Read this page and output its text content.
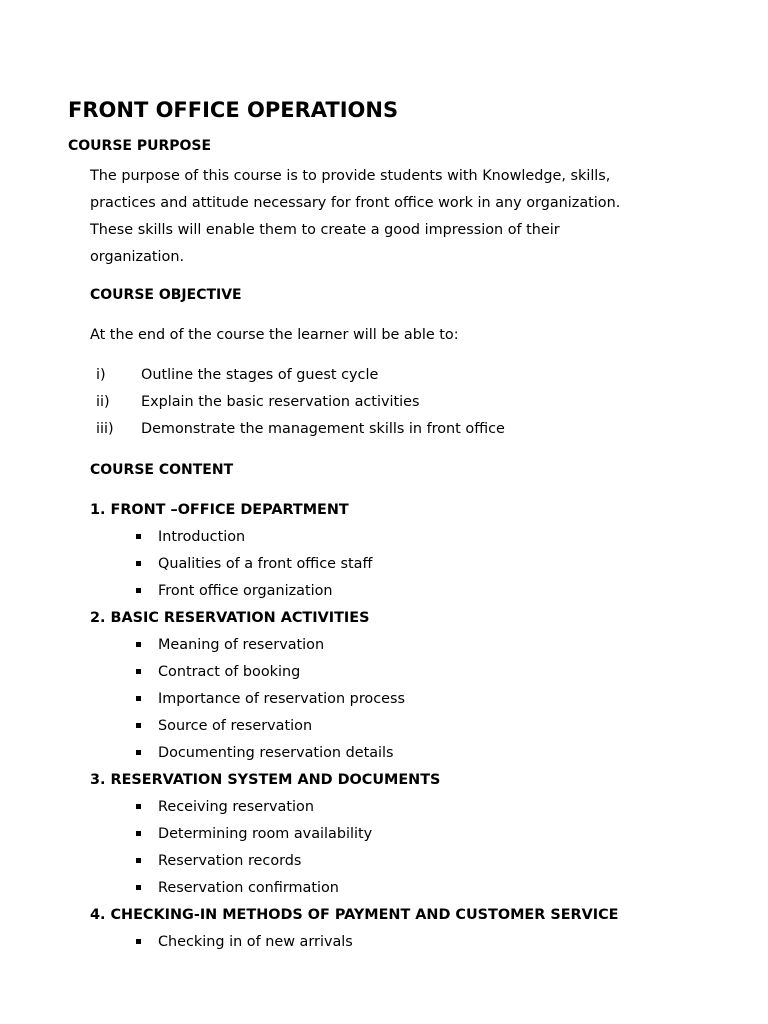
FRONT OFFICE OPERATIONS
COURSE PURPOSE
The purpose of this course is to provide students with Knowledge, skills,
practices and attitude necessary for front office work in any organization.
These skills will enable them to create a good impression of their
organization.
COURSE OBJECTIVE
At the end of the course the learner will be able to:
i) Outline the stages of guest cycle
ii) Explain the basic reservation activities
iii) Demonstrate the management skills in front office
COURSE CONTENT
1. FRONT –OFFICE DEPARTMENT
Introduction
Qualities of a front office staff
Front office organization
2. BASIC RESERVATION ACTIVITIES
Meaning of reservation
Contract of booking
Importance of reservation process
Source of reservation
Documenting reservation details
3. RESERVATION SYSTEM AND DOCUMENTS
Receiving reservation
Determining room availability
Reservation records
Reservation confirmation
4. CHECKING-IN METHODS OF PAYMENT AND CUSTOMER SERVICE
Checking in of new arrivals
